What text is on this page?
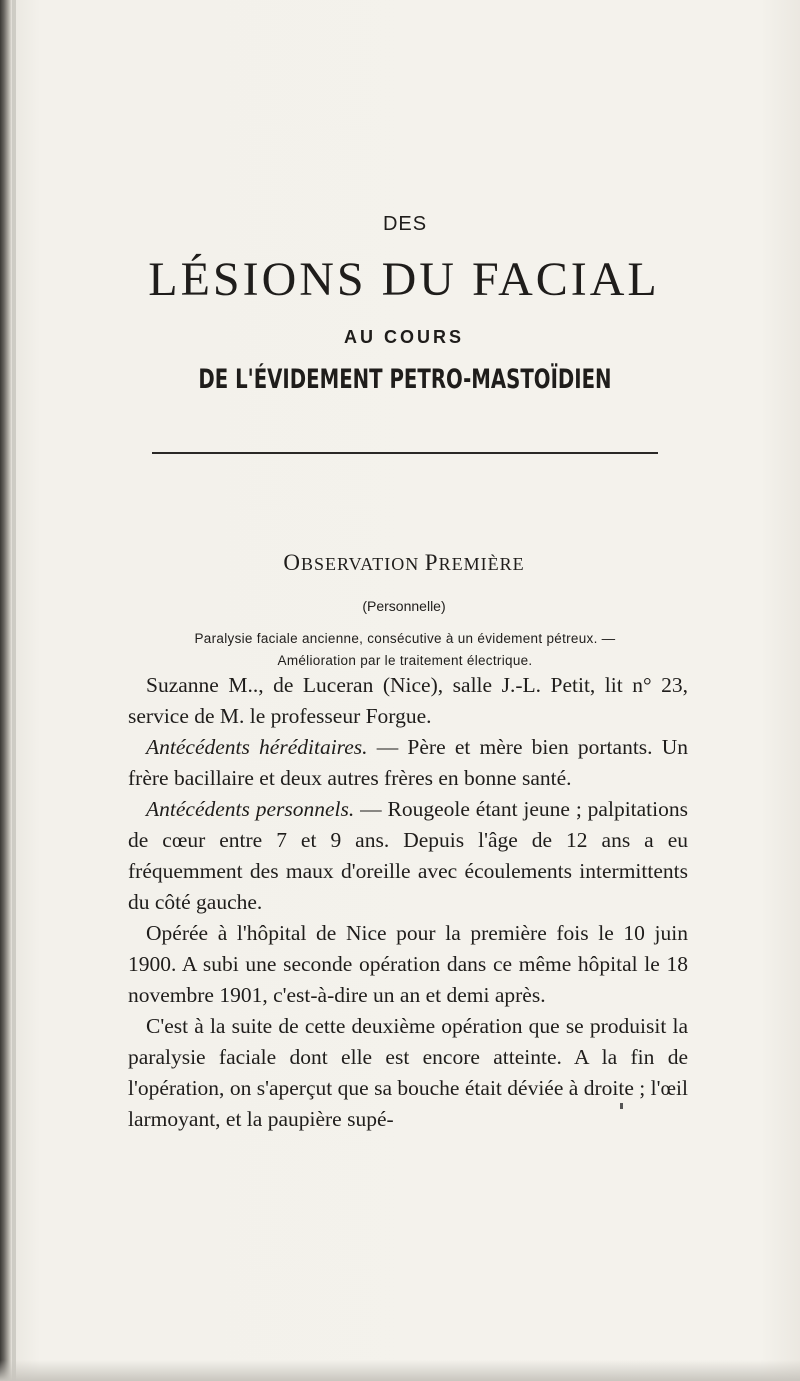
DES
LÉSIONS DU FACIAL
AU COURS
DE L'ÉVIDEMENT PETRO-MASTOÏDIEN
OBSERVATION PREMIÈRE
(Personnelle)
Paralysie faciale ancienne, consécutive à un évidement pétreux. —
Amélioration par le traitement électrique.

Suzanne M.., de Luceran (Nice), salle J.-L. Petit, lit n° 23, service de M. le professeur Forgue.

Antécédents héréditaires. — Père et mère bien portants. Un frère bacillaire et deux autres frères en bonne santé.

Antécédents personnels. — Rougeole étant jeune ; palpitations de cœur entre 7 et 9 ans. Depuis l'âge de 12 ans a eu fréquemment des maux d'oreille avec écoulements intermittents du côté gauche.

Opérée à l'hôpital de Nice pour la première fois le 10 juin 1900. A subi une seconde opération dans ce même hôpital le 18 novembre 1901, c'est-à-dire un an et demi après.

C'est à la suite de cette deuxième opération que se produisit la paralysie faciale dont elle est encore atteinte. A la fin de l'opération, on s'aperçut que sa bouche était déviée à droite ; l'œil larmoyant, et la paupière supé-
